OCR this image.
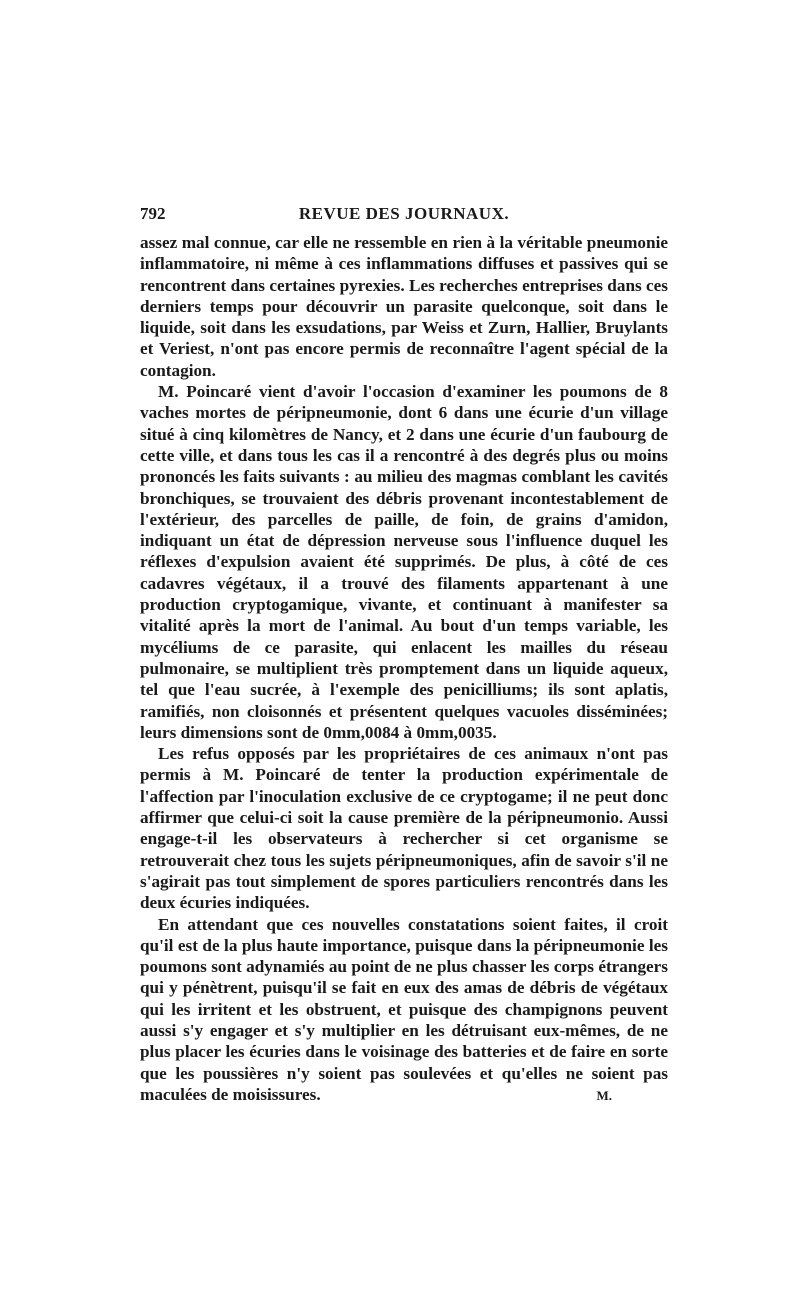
792	REVUE DES JOURNAUX.

assez mal connue, car elle ne ressemble en rien à la véritable pneumonie inflammatoire, ni même à ces inflammations diffuses et passives qui se rencontrent dans certaines pyrexies. Les recherches entreprises dans ces derniers temps pour découvrir un parasite quelconque, soit dans le liquide, soit dans les exsudations, par Weiss et Zurn, Hallier, Bruylants et Veriest, n'ont pas encore permis de reconnaître l'agent spécial de la contagion.

M. Poincaré vient d'avoir l'occasion d'examiner les poumons de 8 vaches mortes de péripneumonie, dont 6 dans une écurie d'un village situé à cinq kilomètres de Nancy, et 2 dans une écurie d'un faubourg de cette ville, et dans tous les cas il a rencontré à des degrés plus ou moins prononcés les faits suivants : au milieu des magmas comblant les cavités bronchiques, se trouvaient des débris provenant incontestablement de l'extérieur, des parcelles de paille, de foin, de grains d'amidon, indiquant un état de dépression nerveuse sous l'influence duquel les réflexes d'expulsion avaient été supprimés. De plus, à côté de ces cadavres végétaux, il a trouvé des filaments appartenant à une production cryptogamique, vivante, et continuant à manifester sa vitalité après la mort de l'animal. Au bout d'un temps variable, les mycéliums de ce parasite, qui enlacent les mailles du réseau pulmonaire, se multiplient très promptement dans un liquide aqueux, tel que l'eau sucrée, à l'exemple des penicilliums; ils sont aplatis, ramifiés, non cloisonnés et présentent quelques vacuoles disséminées; leurs dimensions sont de 0mm,0084 à 0mm,0035.

Les refus opposés par les propriétaires de ces animaux n'ont pas permis à M. Poincaré de tenter la production expérimentale de l'affection par l'inoculation exclusive de ce cryptogame; il ne peut donc affirmer que celui-ci soit la cause première de la péripneumonio. Aussi engage-t-il les observateurs à rechercher si cet organisme se retrouverait chez tous les sujets péripneumoniques, afin de savoir s'il ne s'agirait pas tout simplement de spores particuliers rencontrés dans les deux écuries indiquées.

En attendant que ces nouvelles constatations soient faites, il croit qu'il est de la plus haute importance, puisque dans la péripneumonie les poumons sont adynamiés au point de ne plus chasser les corps étrangers qui y pénètrent, puisqu'il se fait en eux des amas de débris de végétaux qui les irritent et les obstruent, et puisque des champignons peuvent aussi s'y engager et s'y multiplier en les détruisant eux-mêmes, de ne plus placer les écuries dans le voisinage des batteries et de faire en sorte que les poussières n'y soient pas soulevées et qu'elles ne soient pas maculées de moisissures.	M.
